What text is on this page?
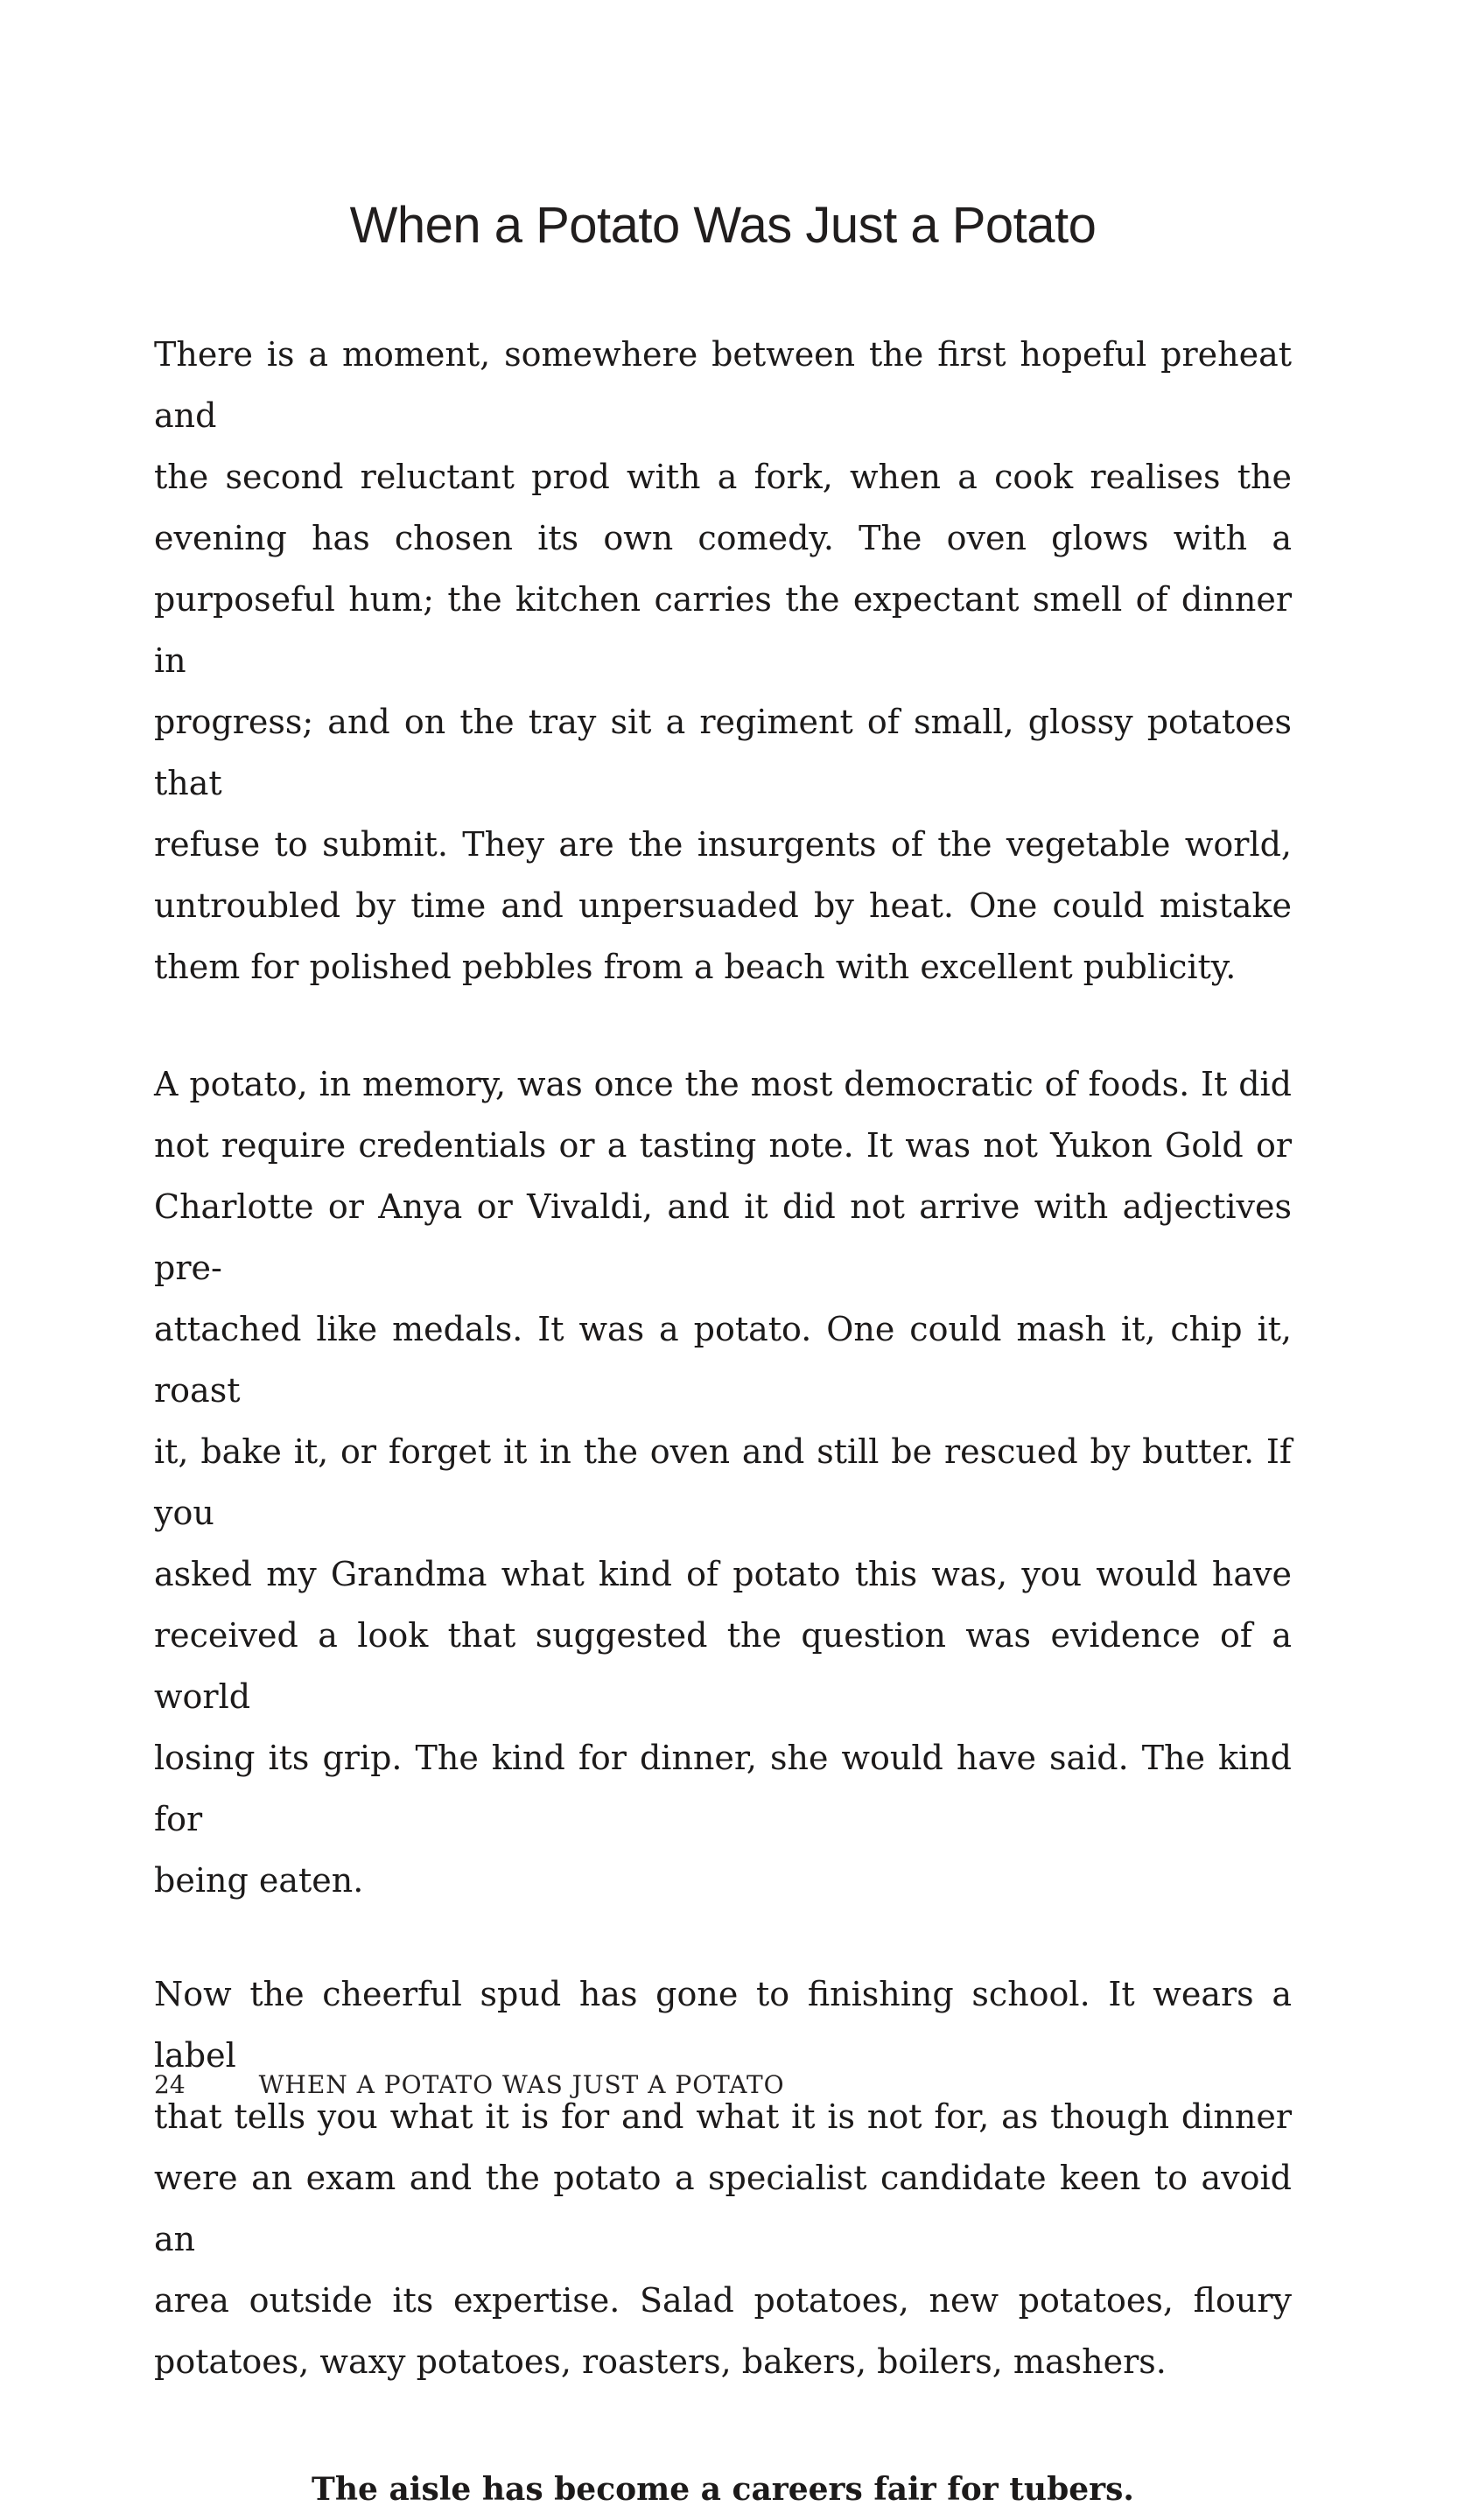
When a Potato Was Just a Potato
There is a moment, somewhere between the first hopeful preheat and
the second reluctant prod with a fork, when a cook realises the
evening has chosen its own comedy. The oven glows with a
purposeful hum; the kitchen carries the expectant smell of dinner in
progress; and on the tray sit a regiment of small, glossy potatoes that
refuse to submit. They are the insurgents of the vegetable world,
untroubled by time and unpersuaded by heat. One could mistake
them for polished pebbles from a beach with excellent publicity.
A potato, in memory, was once the most democratic of foods. It did
not require credentials or a tasting note. It was not Yukon Gold or
Charlotte or Anya or Vivaldi, and it did not arrive with adjectives pre-
attached like medals. It was a potato. One could mash it, chip it, roast
it, bake it, or forget it in the oven and still be rescued by butter. If you
asked my Grandma what kind of potato this was, you would have
received a look that suggested the question was evidence of a world
losing its grip. The kind for dinner, she would have said. The kind for
being eaten.
Now the cheerful spud has gone to finishing school. It wears a label
that tells you what it is for and what it is not for, as though dinner
were an exam and the potato a specialist candidate keen to avoid an
area outside its expertise. Salad potatoes, new potatoes, floury
potatoes, waxy potatoes, roasters, bakers, boilers, mashers.

The aisle has become a careers fair for tubers.

24	WHEN A POTATO WAS JUST A POTATO
